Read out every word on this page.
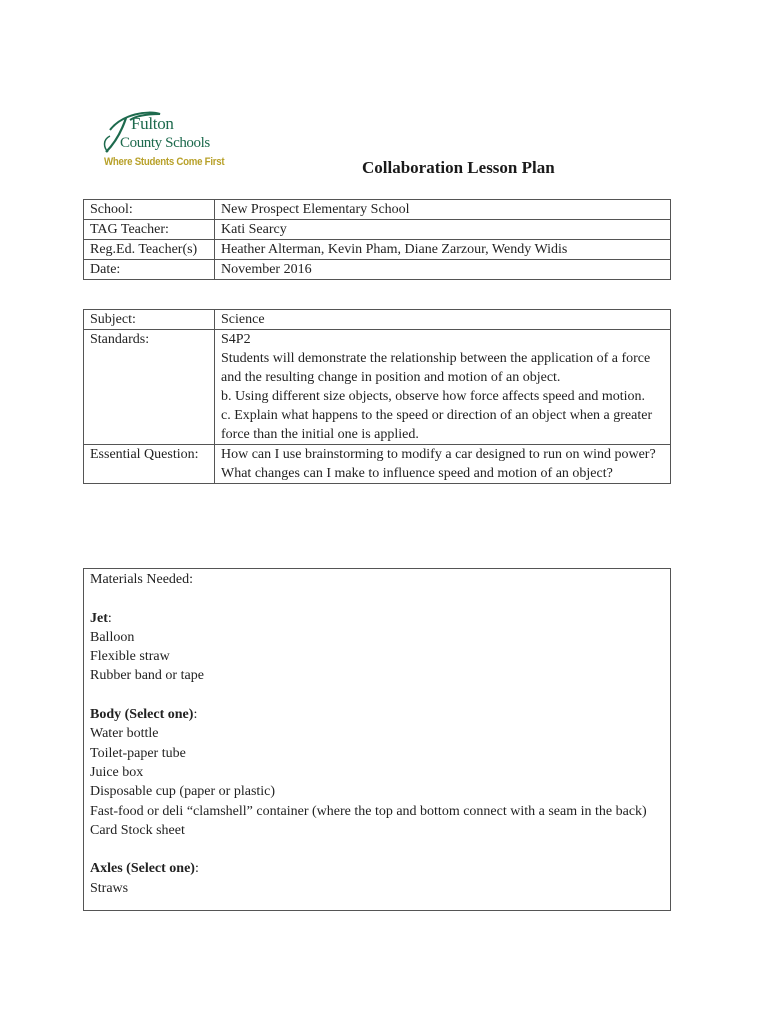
Fulton
County Schools
Where Students Come First	Collaboration Lesson Plan
School:	New Prospect Elementary School
TAG Teacher:	Kati Searcy
Reg.Ed. Teacher(s)	Heather Alterman, Kevin Pham, Diane Zarzour, Wendy Widis
Date:	November 2016
Subject:	Science
Standards:	S4P2
Students will demonstrate the relationship between the application of a force and the resulting change in position and motion of an object.
b. Using different size objects, observe how force affects speed and motion.
c. Explain what happens to the speed or direction of an object when a greater force than the initial one is applied.

Essential Question:	How can I use brainstorming to modify a car designed to run on wind power?
What changes can I make to influence speed and motion of an object?
Materials Needed:
Jet:
Balloon
Flexible straw
Rubber band or tape
Body (Select one):
Water bottle
Toilet-paper tube
Juice box
Disposable cup (paper or plastic)
Fast-food or deli “clamshell” container (where the top and bottom connect with a seam in the back)
Card Stock sheet
Axles (Select one):
Straws
